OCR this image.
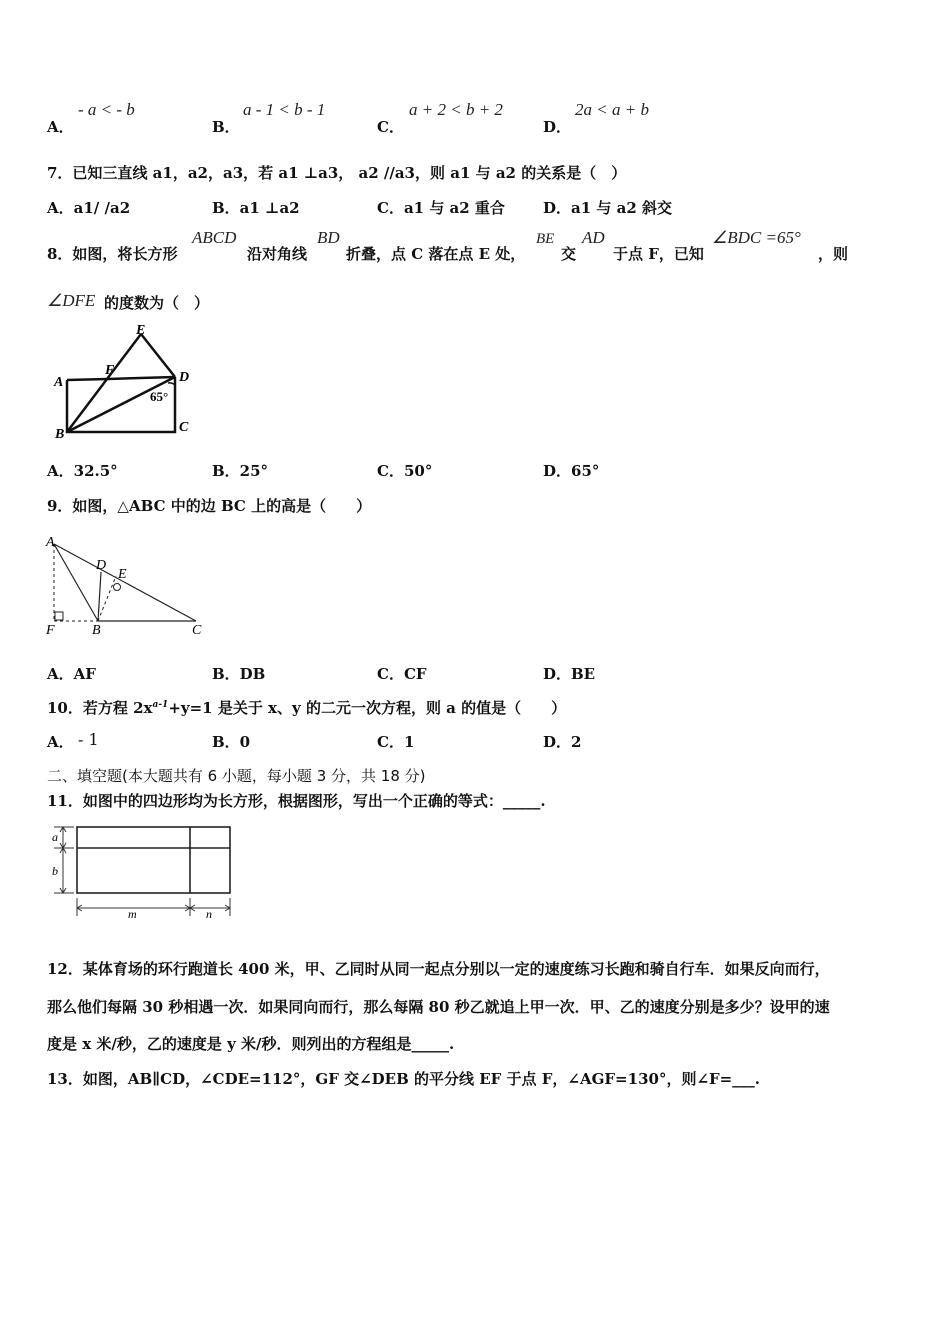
A．
- a < - b
B．
a - 1 < b - 1
C．
a + 2 < b + 2
D．
2a < a + b
7．已知三直线 a1，a2，a3，若 a1 ⊥a3， a2 //a3，则 a1 与 a2 的关系是（　）
A．a1/ /a2	B．a1 ⊥a2	C．a1 与 a2 重合	D．a1 与 a2 斜交
8．如图，将长方形
ABCD
沿对角线
BD
折叠，点 C 落在点 E 处，
BE
交
AD
于点 F，已知
∠BDC =65°
，则
∠DFE 的度数为（　）
E
F
A	D
65°
B	C
A．32.5°	B．25°	C．50°	D．65°
9．如图，△ABC 中的边 BC 上的高是（　　）
A
D
E
F	B	C
A．AF	B．DB	C．CF	D．BE
10．若方程 $2x^{a-1}+y=1$ 是关于 x、y 的二元一次方程，则 a 的值是（　　）
A． - 1	B．0	C．1	D．2
二、填空题(本大题共有 6 小题，每小题 3 分，共 18 分)
11．如图中的四边形均为长方形，根据图形，写出一个正确的等式：_____.
a
b
m	n
12．某体育场的环行跑道长 400 米，甲、乙同时从同一起点分别以一定的速度练习长跑和骑自行车．如果反向而行，
那么他们每隔 30 秒相遇一次．如果同向而行，那么每隔 80 秒乙就追上甲一次．甲、乙的速度分别是多少？设甲的速
度是 x 米/秒，乙的速度是 y 米/秒．则列出的方程组是_____.
13．如图，AB∥CD，∠CDE=112°，GF 交∠DEB 的平分线 EF 于点 F，∠AGF=130°，则∠F=___.
